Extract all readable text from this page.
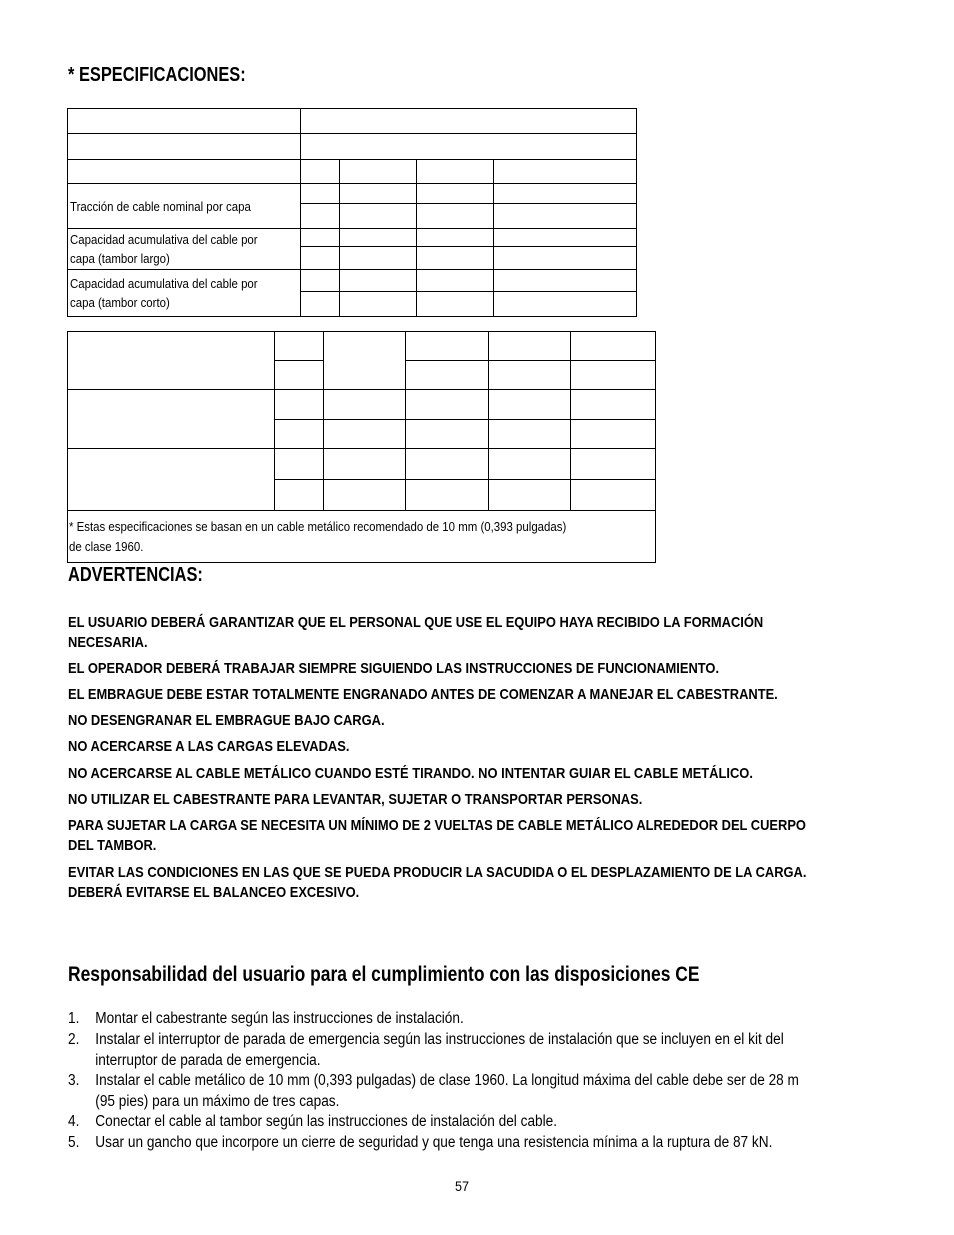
* ESPECIFICACIONES:

Tracción de cable nominal por capa				

Capacidad acumulativa del cable por
capa (tambor largo)				

Capacidad acumulativa del cable por
capa (tambor corto)				

* Estas especificaciones se basan en un cable metálico recomendado de 10 mm (0,393 pulgadas)
de clase 1960.					
ADVERTENCIAS:
EL USUARIO DEBERÁ GARANTIZAR QUE EL PERSONAL QUE USE EL EQUIPO HAYA RECIBIDO LA FORMACIÓN
NECESARIA.
EL OPERADOR DEBERÁ TRABAJAR SIEMPRE SIGUIENDO LAS INSTRUCCIONES DE FUNCIONAMIENTO.
EL EMBRAGUE DEBE ESTAR TOTALMENTE ENGRANADO ANTES DE COMENZAR A MANEJAR EL CABESTRANTE.
NO DESENGRANAR EL EMBRAGUE BAJO CARGA.
NO ACERCARSE A LAS CARGAS ELEVADAS.
NO ACERCARSE AL CABLE METÁLICO CUANDO ESTÉ TIRANDO. NO INTENTAR GUIAR EL CABLE METÁLICO.
NO UTILIZAR EL CABESTRANTE PARA LEVANTAR, SUJETAR O TRANSPORTAR PERSONAS.
PARA SUJETAR LA CARGA SE NECESITA UN MÍNIMO DE 2 VUELTAS DE CABLE METÁLICO ALREDEDOR DEL CUERPO
DEL TAMBOR.
EVITAR LAS CONDICIONES EN LAS QUE SE PUEDA PRODUCIR LA SACUDIDA O EL DESPLAZAMIENTO DE LA CARGA.
DEBERÁ EVITARSE EL BALANCEO EXCESIVO.
Responsabilidad del usuario para el cumplimiento con las disposiciones CE
1. Montar el cabestrante según las instrucciones de instalación.
2. Instalar el interruptor de parada de emergencia según las instrucciones de instalación que se incluyen en el kit del
interruptor de parada de emergencia.
3. Instalar el cable metálico de 10 mm (0,393 pulgadas) de clase 1960. La longitud máxima del cable debe ser de 28 m
(95 pies) para un máximo de tres capas.
4. Conectar el cable al tambor según las instrucciones de instalación del cable.
5. Usar un gancho que incorpore un cierre de seguridad y que tenga una resistencia mínima a la ruptura de 87 kN.
57
